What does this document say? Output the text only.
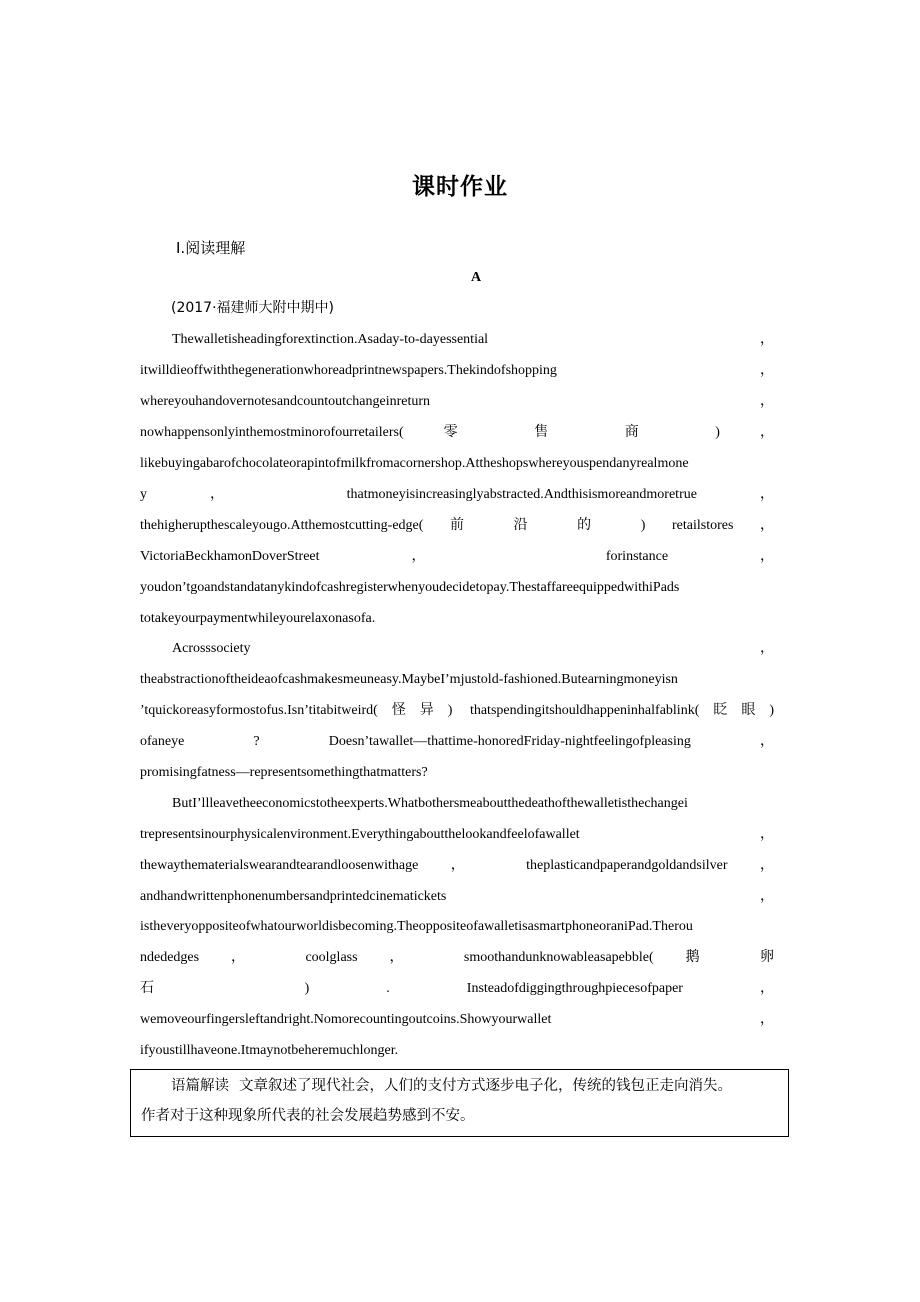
课时作业
Ⅰ.阅读理解
A
(2017·福建师大附中期中)
Thewalletisheadingforextinction.Asaday-to-dayessential ，
itwilldieoffwiththegenerationwhoreadprintnewspapers.Thekindofshopping ，
whereyouhandovernotesandcountoutchangeinreturn ，
nowhappensonlyinthemostminorofourretailers( 零 售 商 ) ，
likebuyingabarofchocolateorapintofmilkfromacornershop.Attheshopswhereyouspendanyrealmone
y ， thatmoneyisincreasinglyabstracted.Andthisismoreandmoretrue ，
thehigherupthescaleyougo.Atthemostcutting-edge( 前 沿 的 ) retailstores ，
VictoriaBeckhamonDoverStreet ， forinstance ，
youdon’tgoandstandatanykindofcashregisterwhenyoudecidetopay.ThestaffareequippedwithiPads
totakeyourpaymentwhileyourelaxonasofa.
Acrosssociety ，
theabstractionoftheideaofcashmakesmeuneasy.MaybeI’mjustold-fashioned.Butearningmoneyisn
’tquickoreasyformostofus.Isn’titabitweird(怪异) thatspendingitshouldhappeninhalfablink(眨眼)
ofaneye ? Doesn’tawallet—thattime-honoredFriday-nightfeelingofpleasing ，
promisingfatness—representsomethingthatmatters?
ButI’llleavetheeconomicstotheexperts.Whatbothersmeaboutthedeathofthewalletisthechangei
trepresentsinourphysicalenvironment.Everythingaboutthelookandfeelofawallet ，
thewaythematerialswearandtearandloosenwithage ， theplasticandpaperandgoldandsilver ，
andhandwrittenphonenumbersandprintedcinematickets ，
istheveryoppositeofwhatourworldisbecoming.TheoppositeofawalletisasmartphoneoraniPad.Therou
ndededges ， coolglass ， smoothandunknowableasapebble( 鹅 卵
石 ) . Insteadofdiggingthroughpiecesofpaper ，
wemoveourfingersleftandright.Nomorecountingoutcoins.Showyourwallet ，
ifyoustillhaveone.Itmaynotbeheremuchlonger.
语篇解读 文章叙述了现代社会，人们的支付方式逐步电子化，传统的钱包正走向消失。
作者对于这种现象所代表的社会发展趋势感到不安。
